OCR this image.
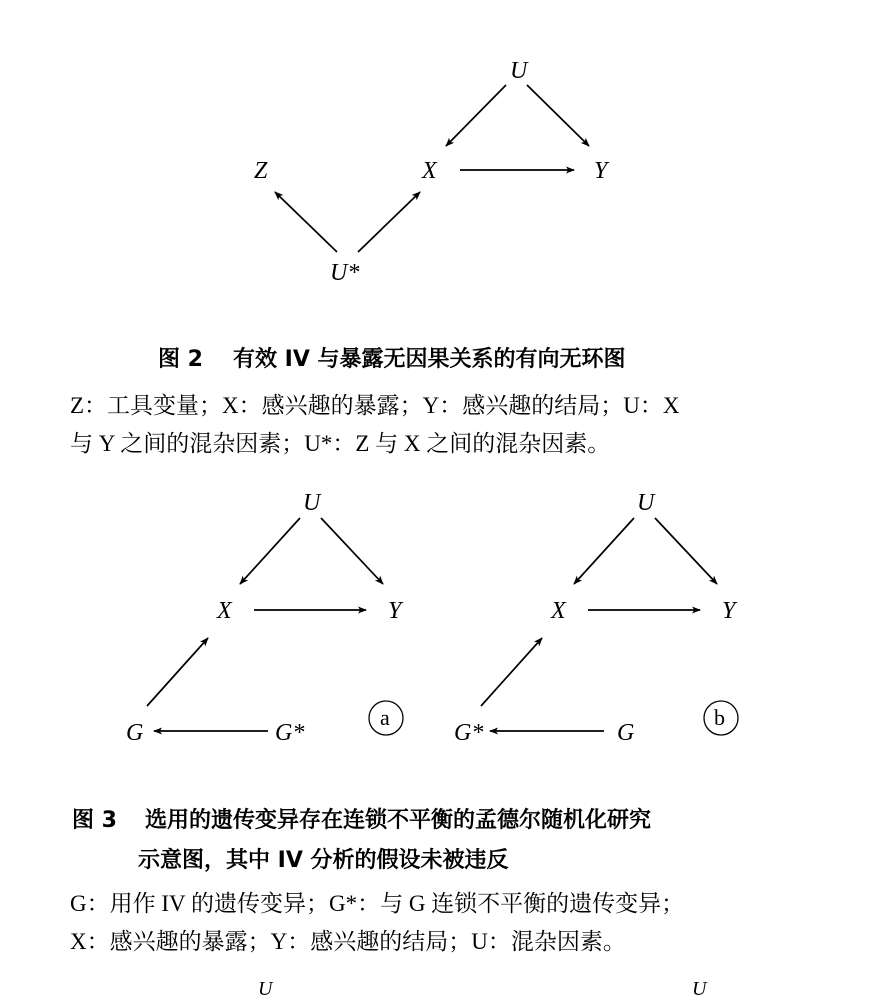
U
Z	X	Y
U*
图 2 有效 IV 与暴露无因果关系的有向无环图

Z：工具变量；X：感兴趣的暴露；Y：感兴趣的结局；U：X

与 Y 之间的混杂因素；U*：Z 与 X 之间的混杂因素。

U
X	Y
G	G*
a
U
X	Y
G*	G
b
图 3 选用的遗传变异存在连锁不平衡的孟德尔随机化研究
示意图，其中 IV 分析的假设未被违反

G：用作 IV 的遗传变异；G*：与 G 连锁不平衡的遗传变异；

X：感兴趣的暴露；Y：感兴趣的结局；U：混杂因素。

U	U
